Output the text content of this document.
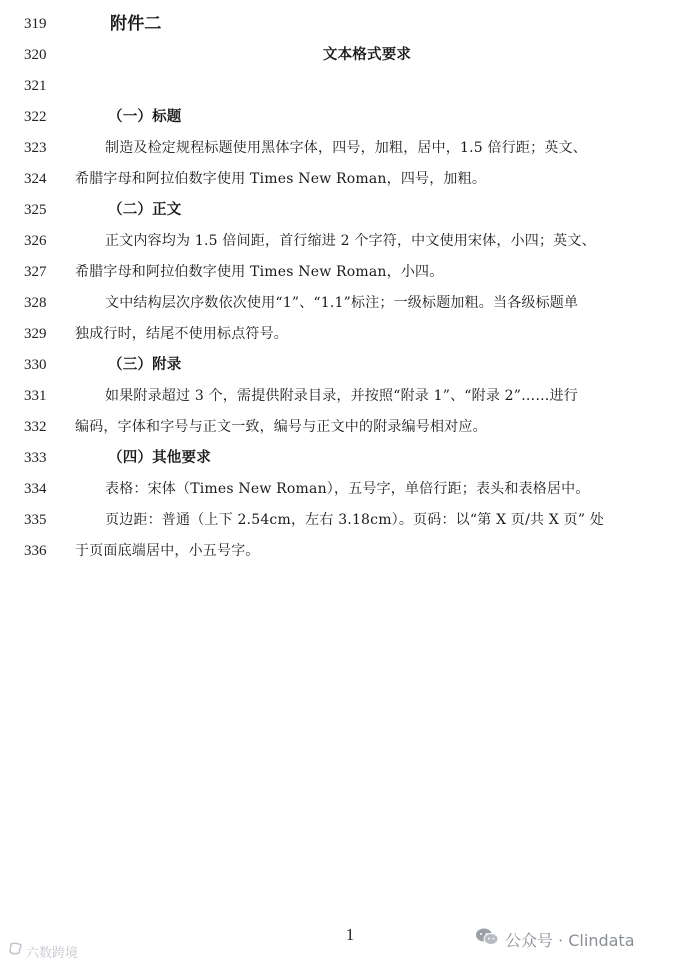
319	附件二
320	文本格式要求
321
322	（一）标题
323	制造及检定规程标题使用黑体字体，四号，加粗，居中，1.5 倍行距；英文、
324	希腊字母和阿拉伯数字使用 Times New Roman，四号，加粗。
325	（二）正文
326	正文内容均为 1.5 倍间距，首行缩进 2 个字符，中文使用宋体，小四；英文、
327	希腊字母和阿拉伯数字使用 Times New Roman，小四。
328	文中结构层次序数依次使用“1”、“1.1”标注；一级标题加粗。当各级标题单
329	独成行时，结尾不使用标点符号。
330	（三）附录
331	如果附录超过 3 个，需提供附录目录，并按照“附录 1”、“附录 2”……进行
332	编码，字体和字号与正文一致，编号与正文中的附录编号相对应。
333	（四）其他要求
334	表格：宋体（Times New Roman），五号字，单倍行距；表头和表格居中。
335	页边距：普通（上下 2.54cm，左右 3.18cm）。页码：以“第 X 页/共 X 页” 处
336	于页面底端居中，小五号字。
1
六数跨境
公众号 · Clindata
